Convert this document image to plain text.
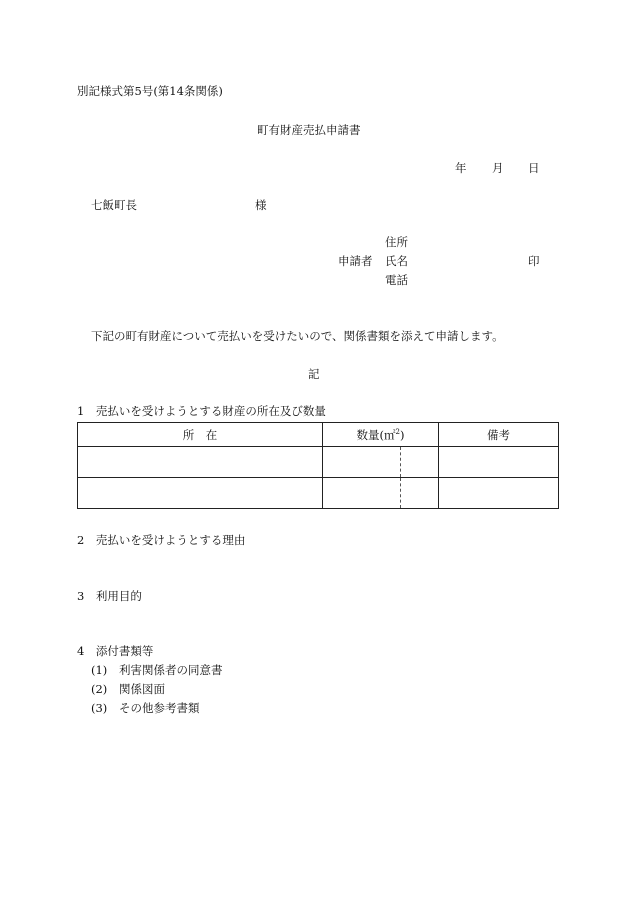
別記様式第5号(第14条関係)
町有財産売払申請書
年 月 日
七飯町長	様
住所
申請者 氏名	印
電話
下記の町有財産について売払いを受けたいので、関係書類を添えて申請します。
記
1　売払いを受けようとする財産の所在及び数量
所　在	数量(㎡$^2$)	備考

2　売払いを受けようとする理由
3　利用目的
4　添付書類等
(1) 利害関係者の同意書
(2) 関係図面
(3) その他参考書類
